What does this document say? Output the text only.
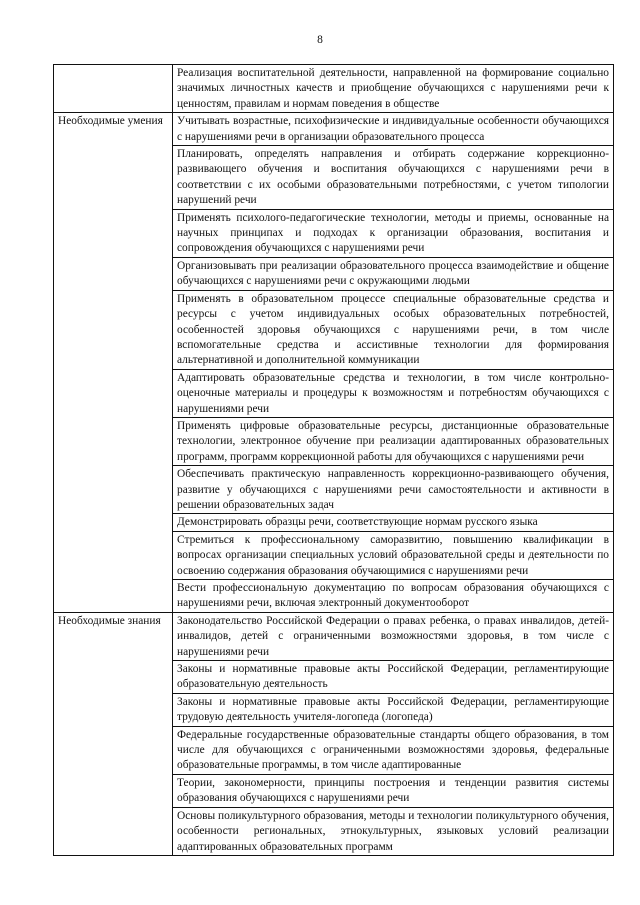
8
	Реализация воспитательной деятельности, направленной на формирование социально значимых личностных качеств и приобщение обучающихся с нарушениями речи к ценностям, правилам и нормам поведения в обществе
Необходимые умения	Учитывать возрастные, психофизические и индивидуальные особенности обучающихся с нарушениями речи в организации образовательного процесса
	Планировать, определять направления и отбирать содержание коррекционно-развивающего обучения и воспитания обучающихся с нарушениями речи в соответствии с их особыми образовательными потребностями, с учетом типологии нарушений речи
	Применять психолого-педагогические технологии, методы и приемы, основанные на научных принципах и подходах к организации образования, воспитания и сопровождения обучающихся с нарушениями речи
	Организовывать при реализации образовательного процесса взаимодействие и общение обучающихся с нарушениями речи с окружающими людьми
	Применять в образовательном процессе специальные образовательные средства и ресурсы с учетом индивидуальных особых образовательных потребностей, особенностей здоровья обучающихся с нарушениями речи, в том числе вспомогательные средства и ассистивные технологии для формирования альтернативной и дополнительной коммуникации
	Адаптировать образовательные средства и технологии, в том числе контрольно-оценочные материалы и процедуры к возможностям и потребностям обучающихся с нарушениями речи
	Применять цифровые образовательные ресурсы, дистанционные образовательные технологии, электронное обучение при реализации адаптированных образовательных программ, программ коррекционной работы для обучающихся с нарушениями речи
	Обеспечивать практическую направленность коррекционно-развивающего обучения, развитие у обучающихся с нарушениями речи самостоятельности и активности в решении образовательных задач
	Демонстрировать образцы речи, соответствующие нормам русского языка
	Стремиться к профессиональному саморазвитию, повышению квалификации в вопросах организации специальных условий образовательной среды и деятельности по освоению содержания образования обучающимися с нарушениями речи
	Вести профессиональную документацию по вопросам образования обучающихся с нарушениями речи, включая электронный документооборот
Необходимые знания	Законодательство Российской Федерации о правах ребенка, о правах инвалидов, детей-инвалидов, детей с ограниченными возможностями здоровья, в том числе с нарушениями речи
	Законы и нормативные правовые акты Российской Федерации, регламентирующие образовательную деятельность
	Законы и нормативные правовые акты Российской Федерации, регламентирующие трудовую деятельность учителя-логопеда (логопеда)
	Федеральные государственные образовательные стандарты общего образования, в том числе для обучающихся с ограниченными возможностями здоровья, федеральные образовательные программы, в том числе адаптированные
	Теории, закономерности, принципы построения и тенденции развития системы образования обучающихся с нарушениями речи
	Основы поликультурного образования, методы и технологии поликультурного обучения, особенности региональных, этнокультурных, языковых условий реализации адаптированных образовательных программ
